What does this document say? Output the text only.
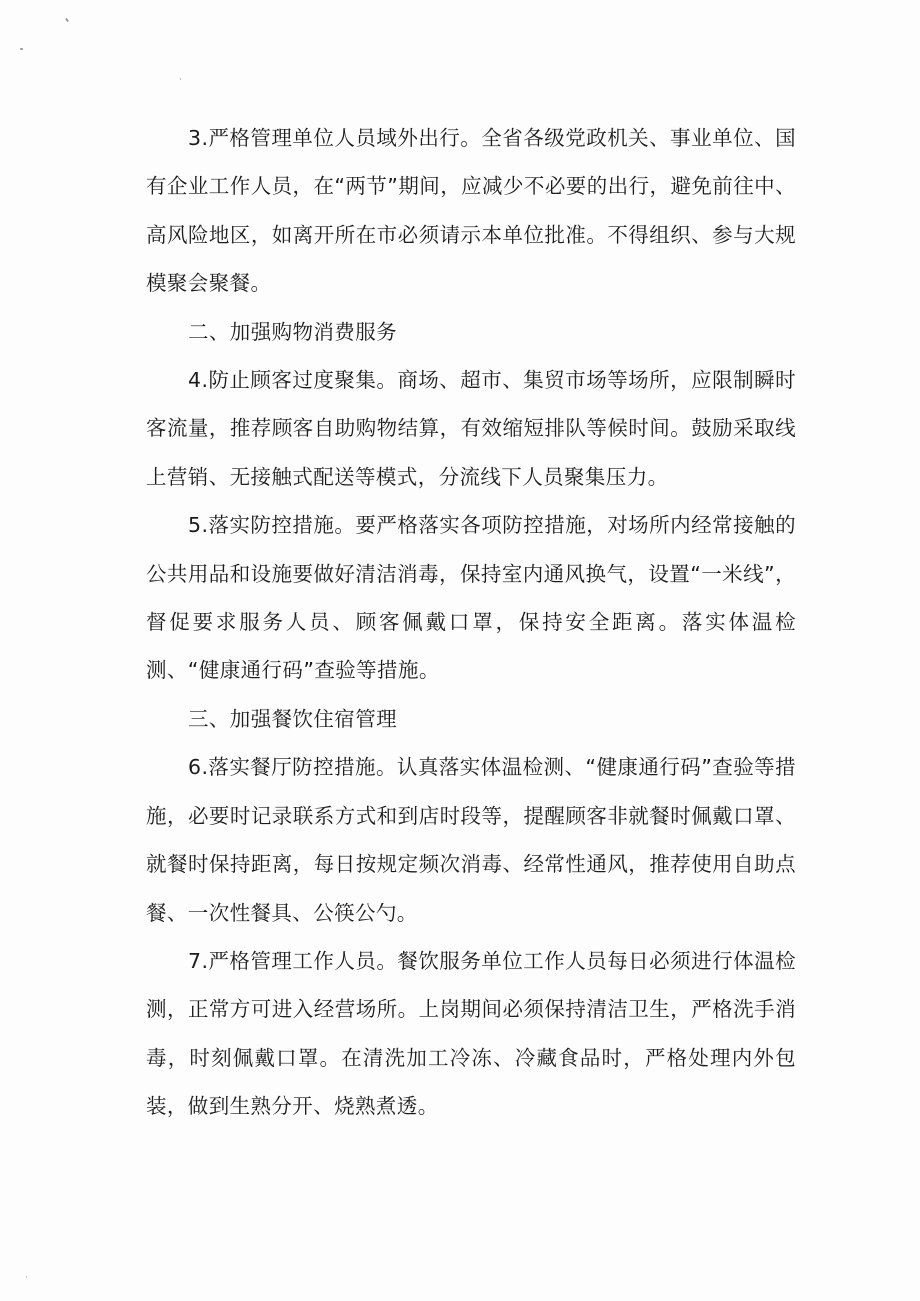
3.严格管理单位人员域外出行。全省各级党政机关、事业单位、国有企业工作人员，在“两节”期间，应减少不必要的出行，避免前往中、高风险地区，如离开所在市必须请示本单位批准。不得组织、参与大规模聚会聚餐。

二、加强购物消费服务

4.防止顾客过度聚集。商场、超市、集贸市场等场所，应限制瞬时客流量，推荐顾客自助购物结算，有效缩短排队等候时间。鼓励采取线上营销、无接触式配送等模式，分流线下人员聚集压力。

5.落实防控措施。要严格落实各项防控措施，对场所内经常接触的公共用品和设施要做好清洁消毒，保持室内通风换气，设置“一米线”，督促要求服务人员、顾客佩戴口罩，保持安全距离。落实体温检测、“健康通行码”查验等措施。

三、加强餐饮住宿管理

6.落实餐厅防控措施。认真落实体温检测、“健康通行码”查验等措施，必要时记录联系方式和到店时段等，提醒顾客非就餐时佩戴口罩、就餐时保持距离，每日按规定频次消毒、经常性通风，推荐使用自助点餐、一次性餐具、公筷公勺。

7.严格管理工作人员。餐饮服务单位工作人员每日必须进行体温检测，正常方可进入经营场所。上岗期间必须保持清洁卫生，严格洗手消毒，时刻佩戴口罩。在清洗加工冷冻、冷藏食品时，严格处理内外包装，做到生熟分开、烧熟煮透。
